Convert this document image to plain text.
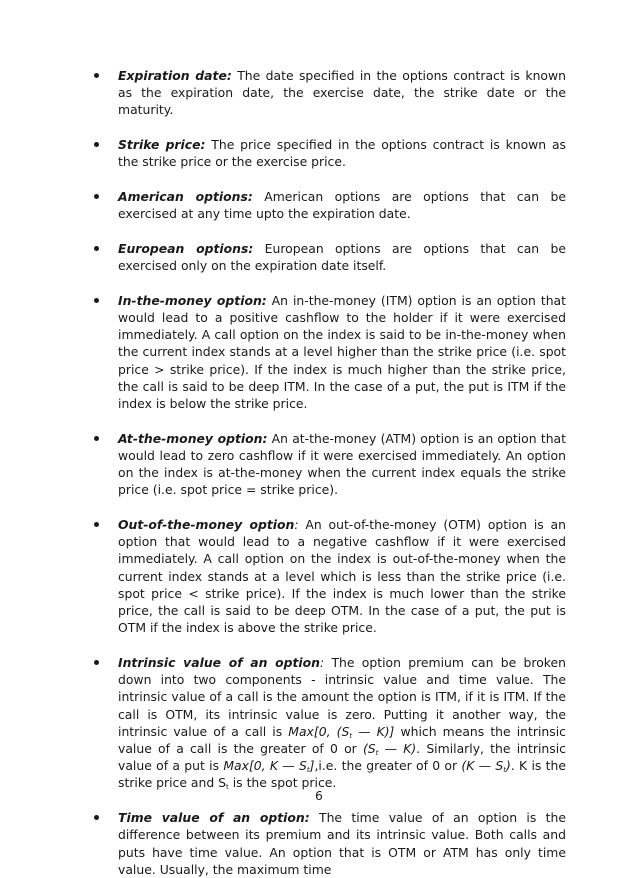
Expiration date: The date specified in the options contract is known as the expiration date, the exercise date, the strike date or the maturity.
Strike price: The price specified in the options contract is known as the strike price or the exercise price.
American options: American options are options that can be exercised at any time upto the expiration date.
European options: European options are options that can be exercised only on the expiration date itself.
In-the-money option: An in-the-money (ITM) option is an option that would lead to a positive cashflow to the holder if it were exercised immediately. A call option on the index is said to be in-the-money when the current index stands at a level higher than the strike price (i.e. spot price > strike price). If the index is much higher than the strike price, the call is said to be deep ITM. In the case of a put, the put is ITM if the index is below the strike price.
At-the-money option: An at-the-money (ATM) option is an option that would lead to zero cashflow if it were exercised immediately. An option on the index is at-the-money when the current index equals the strike price (i.e. spot price = strike price).
Out-of-the-money option: An out-of-the-money (OTM) option is an option that would lead to a negative cashflow if it were exercised immediately. A call option on the index is out-of-the-money when the current index stands at a level which is less than the strike price (i.e. spot price < strike price). If the index is much lower than the strike price, the call is said to be deep OTM. In the case of a put, the put is OTM if the index is above the strike price.
Intrinsic value of an option: The option premium can be broken down into two components - intrinsic value and time value. The intrinsic value of a call is the amount the option is ITM, if it is ITM. If the call is OTM, its intrinsic value is zero. Putting it another way, the intrinsic value of a call is Max[0, ($S_t$ — K)] which means the intrinsic value of a call is the greater of 0 or ($S_t$ — K). Similarly, the intrinsic value of a put is Max[0, K — $S_t],i.e$. the greater of 0 or (K — $S_t$). K is the strike price and $S_t$ is the spot price.
Time value of an option: The time value of an option is the difference between its premium and its intrinsic value. Both calls and puts have time value. An option that is OTM or ATM has only time value. Usually, the maximum time
6
